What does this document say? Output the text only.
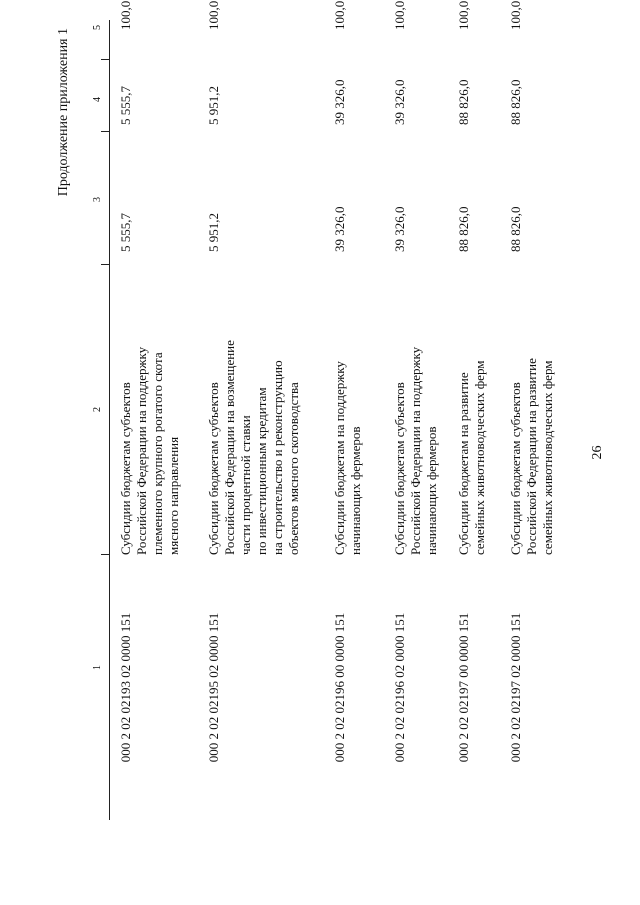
26
Продолжение приложения 1
1
2
3
4
5
000 2 02 02193 02 0000 151
Субсидии бюджетам субъектов Российской Федерации на поддержку племенного крупного рогатого скота мясного направления
5 555,7
5 555,7
100,0
000 2 02 02195 02 0000 151
Субсидии бюджетам субъектов Российской Федерации на возмещение части процентной ставки по инвестиционным кредитам на строительство и реконструкцию объектов мясного скотоводства
5 951,2
5 951,2
100,0
000 2 02 02196 00 0000 151
Субсидии бюджетам на поддержку начинающих фермеров
39 326,0
39 326,0
100,0
000 2 02 02196 02 0000 151
Субсидии бюджетам субъектов Российской Федерации на поддержку начинающих фермеров
39 326,0
39 326,0
100,0
000 2 02 02197 00 0000 151
Субсидии бюджетам на развитие семейных животноводческих ферм
88 826,0
88 826,0
100,0
000 2 02 02197 02 0000 151
Субсидии бюджетам субъектов Российской Федерации на развитие семейных животноводческих ферм
88 826,0
88 826,0
100,0
